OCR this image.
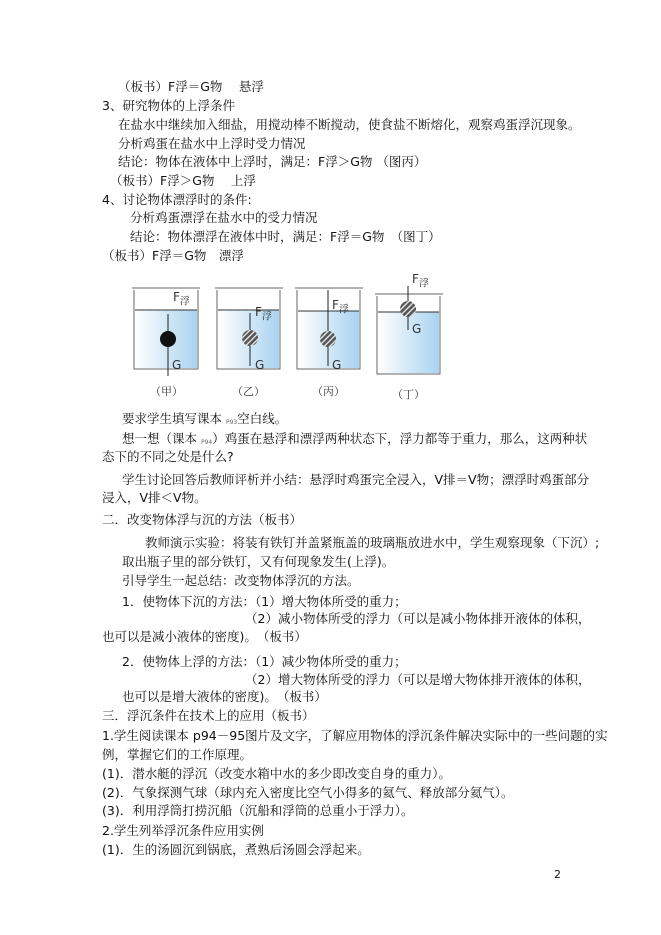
（板书）F浮＝G物　 悬浮
3、研究物体的上浮条件
在盐水中继续加入细盐，用搅动棒不断搅动，使食盐不断熔化，观察鸡蛋浮沉现象。
分析鸡蛋在盐水中上浮时受力情况
结论：物体在液体中上浮时，满足：F浮＞G物 （图丙）
（板书）F浮＞G物　 上浮
4、讨论物体漂浮时的条件:
分析鸡蛋漂浮在盐水中的受力情况
结论：物体漂浮在液体中时，满足：F浮＝G物　（图丁）
（板书）F浮＝G物　漂浮
$F_浮$
G
$F_浮$
G
$F_浮$
G
$F_浮$
G
（甲）	（乙）	（丙）	（丁）
要求学生填写课本 P93空白线。
想一想（课本 P94）鸡蛋在悬浮和漂浮两种状态下，浮力都等于重力，那么，这两种状
态下的不同之处是什么?
学生讨论回答后教师评析并小结：悬浮时鸡蛋完全浸入，V排＝V物；漂浮时鸡蛋部分
浸入，V排＜V物。
二．改变物体浮与沉的方法（板书）
教师演示实验：将装有铁钉并盖紧瓶盖的玻璃瓶放进水中，学生观察现象（下沉）;
取出瓶子里的部分铁钉，又有何现象发生(上浮)。
引导学生一起总结：改变物体浮沉的方法。
1．使物体下沉的方法：（1）增大物体所受的重力；
（2）减小物体所受的浮力（可以是减小物体排开液体的体积，
也可以是减小液体的密度)。　（板书）
2．使物体上浮的方法：（1）减少物体所受的重力；
（2）增大物体所受的浮力（可以是增大物体排开液体的体积，
也可以是增大液体的密度)。　（板书）
三．浮沉条件在技术上的应用（板书）
1.学生阅读课本 p94－95图片及文字，了解应用物体的浮沉条件解决实际中的一些问题的实
例，掌握它们的工作原理。
(1)．潜水艇的浮沉（改变水箱中水的多少即改变自身的重力）。
(2)．气象探测气球（球内充入密度比空气小得多的氦气、释放部分氦气）。
(3)．利用浮筒打捞沉船（沉船和浮筒的总重小于浮力）。
2.学生列举浮沉条件应用实例
(1)．生的汤圆沉到锅底，煮熟后汤圆会浮起来。
2
